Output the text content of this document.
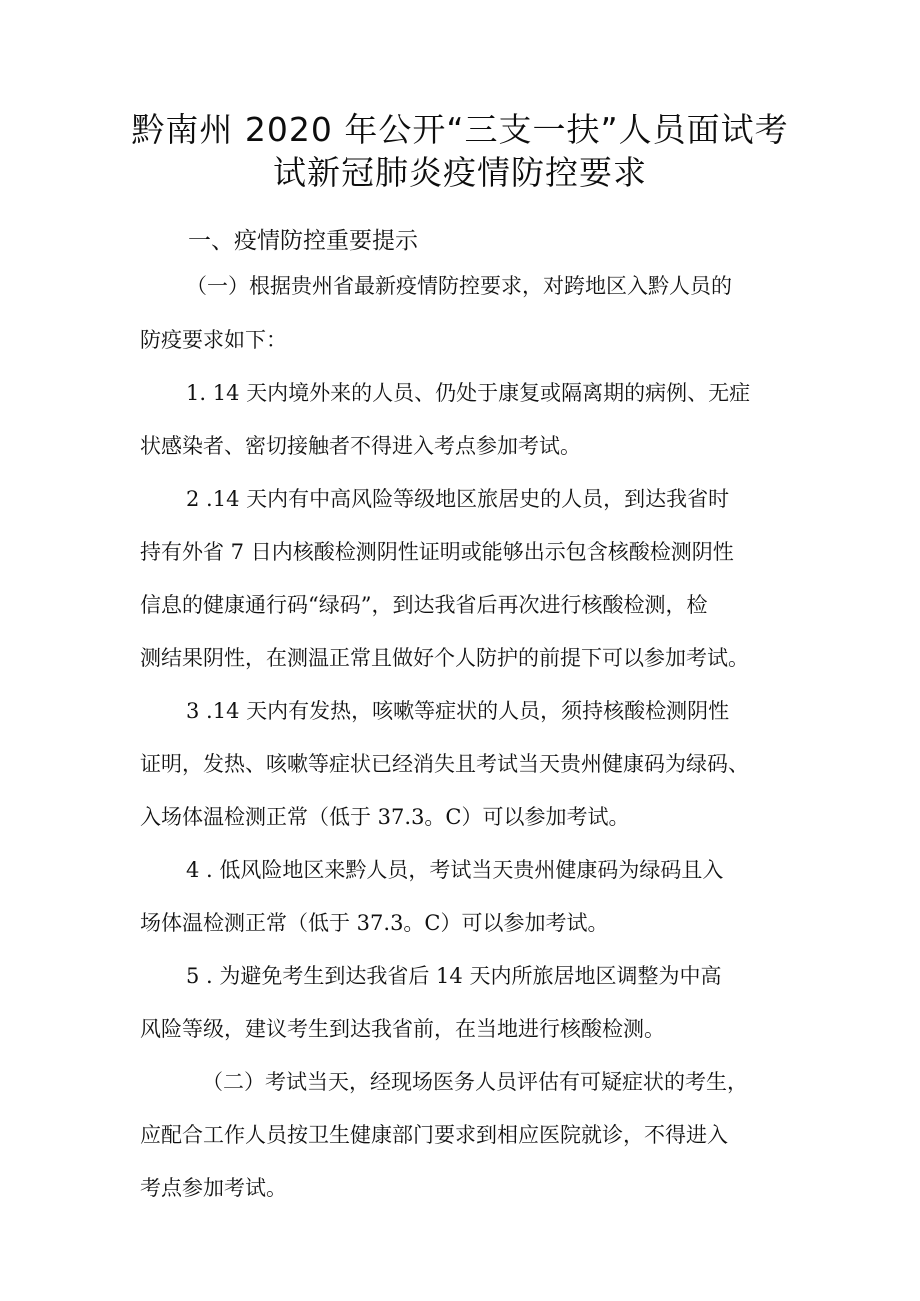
黔南州 2020 年公开“三支一扶”人员面试考
试新冠肺炎疫情防控要求
一、疫情防控重要提示
（一）根据贵州省最新疫情防控要求，对跨地区入黔人员的
防疫要求如下：
1. 14 天内境外来的人员、仍处于康复或隔离期的病例、无症
状感染者、密切接触者不得进入考点参加考试。
2 .14 天内有中高风险等级地区旅居史的人员，到达我省时
持有外省 7 日内核酸检测阴性证明或能够出示包含核酸检测阴性
信息的健康通行码“绿码”，到达我省后再次进行核酸检测，检
测结果阴性，在测温正常且做好个人防护的前提下可以参加考试。
3 .14 天内有发热，咳嗽等症状的人员，须持核酸检测阴性
证明，发热、咳嗽等症状已经消失且考试当天贵州健康码为绿码、
入场体温检测正常（低于 37.3。C）可以参加考试。
4 . 低风险地区来黔人员，考试当天贵州健康码为绿码且入
场体温检测正常（低于 37.3。C）可以参加考试。
5 . 为避免考生到达我省后 14 天内所旅居地区调整为中高
风险等级，建议考生到达我省前，在当地进行核酸检测。
（二）考试当天，经现场医务人员评估有可疑症状的考生，
应配合工作人员按卫生健康部门要求到相应医院就诊，不得进入
考点参加考试。
